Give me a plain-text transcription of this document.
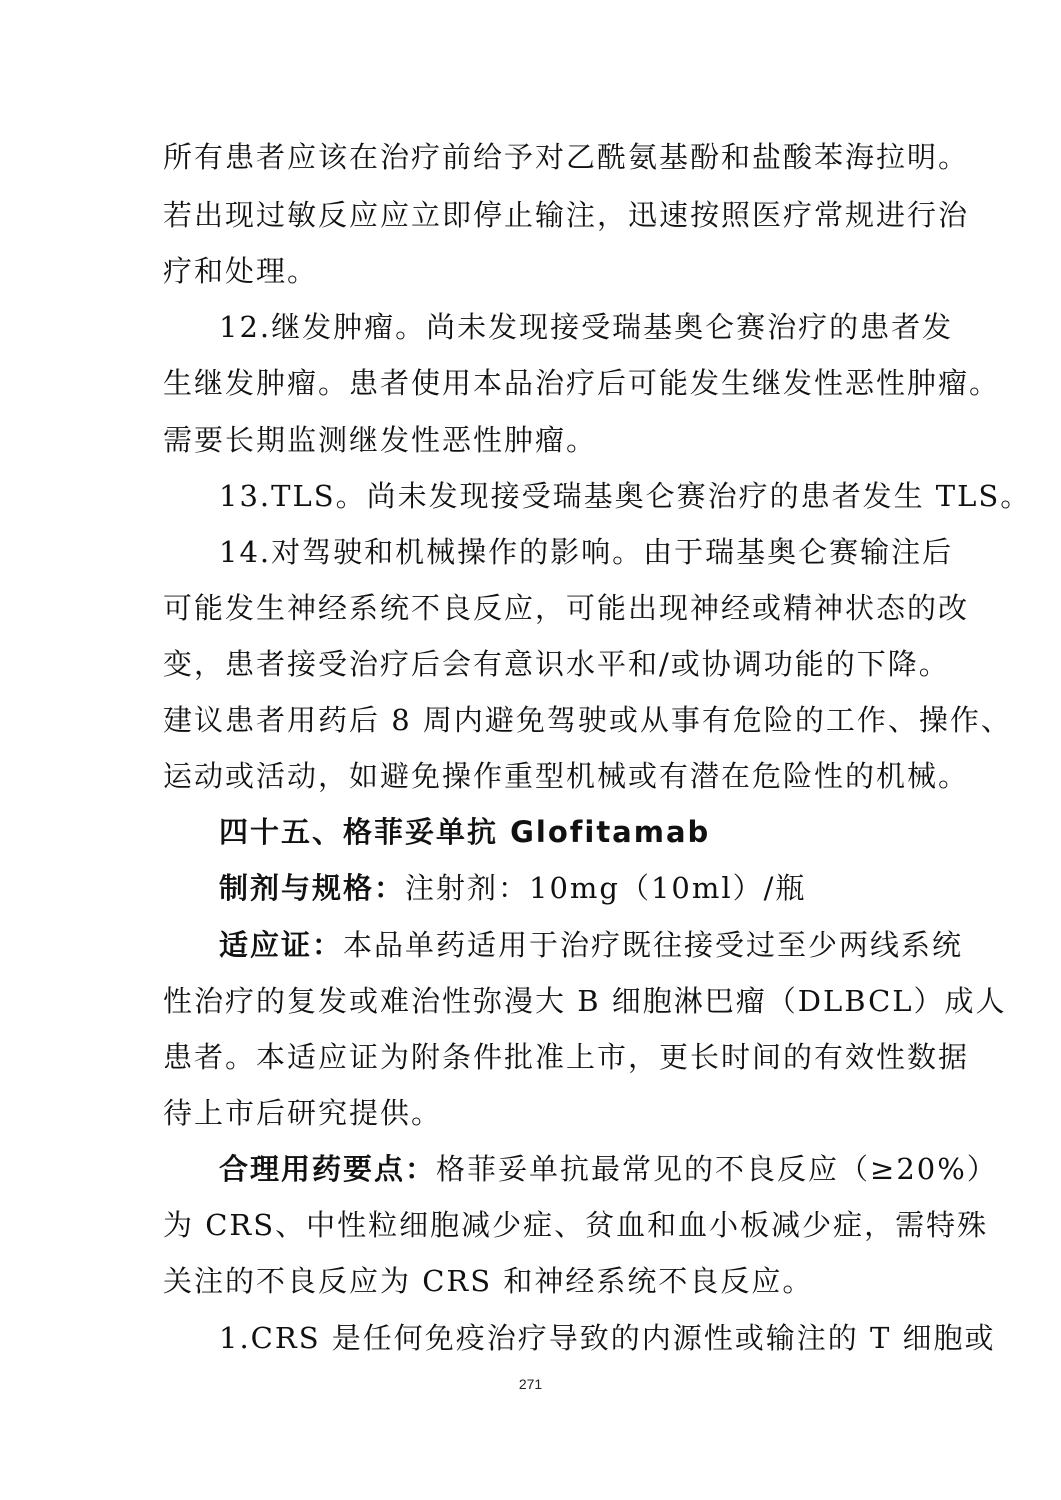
所有患者应该在治疗前给予对乙酰氨基酚和盐酸苯海拉明。

若出现过敏反应应立即停止输注，迅速按照医疗常规进行治

疗和处理。

12.继发肿瘤。尚未发现接受瑞基奥仑赛治疗的患者发

生继发肿瘤。患者使用本品治疗后可能发生继发性恶性肿瘤。

需要长期监测继发性恶性肿瘤。

13.TLS。尚未发现接受瑞基奥仑赛治疗的患者发生 TLS。

14.对驾驶和机械操作的影响。由于瑞基奥仑赛输注后

可能发生神经系统不良反应，可能出现神经或精神状态的改

变，患者接受治疗后会有意识水平和/或协调功能的下降。

建议患者用药后 8 周内避免驾驶或从事有危险的工作、操作、

运动或活动，如避免操作重型机械或有潜在危险性的机械。

四十五、格菲妥单抗 Glofitamab

制剂与规格：注射剂：10mg（10ml）/瓶

适应证：本品单药适用于治疗既往接受过至少两线系统

性治疗的复发或难治性弥漫大 B 细胞淋巴瘤（DLBCL）成人

患者。本适应证为附条件批准上市，更长时间的有效性数据

待上市后研究提供。

合理用药要点：格菲妥单抗最常见的不良反应（≥20%）

为 CRS、中性粒细胞减少症、贫血和血小板减少症，需特殊

关注的不良反应为 CRS 和神经系统不良反应。

1.CRS 是任何免疫治疗导致的内源性或输注的 T 细胞或

271
